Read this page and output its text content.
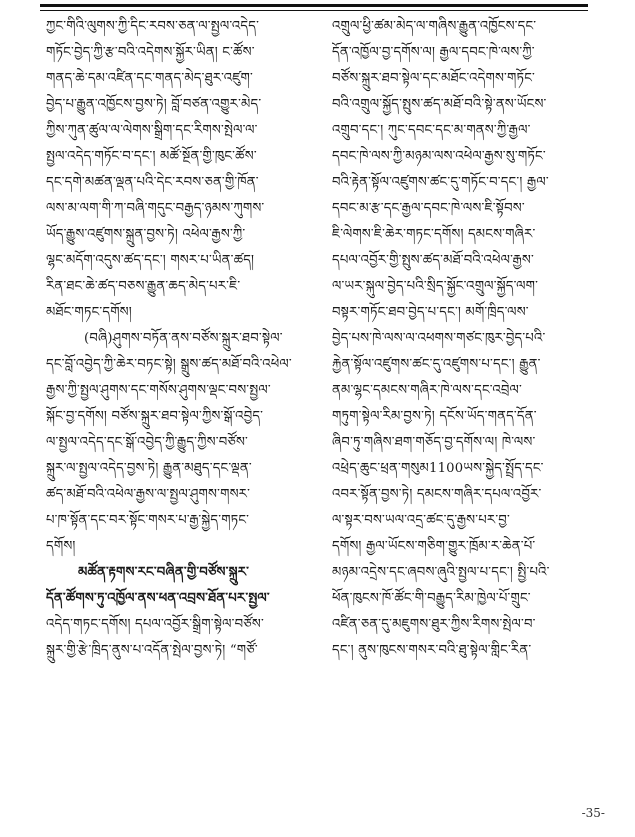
ཀྱང་གིའི་ལུགས་ཀྱི་དིང་རབས་ཅན་ལ་སྤྱལ་འདེད་
གཏོང་བྱེད་ཀྱི་རྩ་བའི་འདེགས་སྐྱོར་ཡིན། ང་ཚོས་
གནད་ཆེ་དམ་འཛིན་དང་གནད་མེད་ཐུར་འཛུག་
བྱེད་པ་རྒྱུན་འཁྱོངས་བྱས་ཏེ། བློ་བཙན་འགྱུར་མེད་
ཀྱིས་ཀུན་ཚུལ་ལ་ལེགས་སྒྲིག་དང་རིགས་སྤེལ་ལ་
སྤྱལ་འདེད་གཏོང་བ་དང་། མཚོ་སྔོན་གྱི་ཁུང་ཚོས་
དང་དགེ་མཚན་ལྡན་པའི་དེང་རབས་ཅན་གྱི་ཁོན་
ལས་མ་ལག་གི་ཀ་བཞི་གདུང་བརྒྱད་ཉམས་ཀུགས་
ཡོད་རྒྱུས་འཛུགས་སྐྲུན་བྱས་ཏེ། འཕེལ་རྒྱས་ཀྱི་
ལྷང་མདོག་འདུས་ཚད་དང་། གསར་པ་ཡིན་ཚད།
རིན་ཐང་ཆེ་ཚད་བཅས་རྒྱུན་ཆད་མེད་པར་ཇི་
མཐོང་གཏང་དགོས།
(བཞི)ཤུགས་བཏོན་ནས་བཙོས་སྐྲུར་ཐབ་སྟེལ་
དང་བློ་འབྱེད་ཀྱི་ཆེར་བཏང་སྟེ། སྒྲུས་ཚད་མཐོ་བའི་འཕེལ་
རྒྱས་ཀྱི་སྤྱལ་ཤུགས་དང་གསོས་ཤུགས་ལྡང་བས་སྤྱལ་
སྐོང་བྱ་དགོས། བཙོས་སྐྲུར་ཐབ་སྟེལ་ཀྱིས་སྒོ་འབྱེད་
ལ་སྤྱལ་འདེད་དང་སྒོ་འབྱེད་ཀྱི་རྒྱུད་ཀྱིས་བཙོས་
སྐྲུར་ལ་སྤྱལ་འདེད་བྱས་ཏེ། རྒྱུན་མཐུད་དང་ལྡན་
ཚད་མཐོ་བའི་འཕེལ་རྒྱས་ལ་སྤྱལ་ཤུགས་གསར་
པ་ཁ་སྟོན་དང་བར་སྟོང་གསར་པ་རྒྱ་སྐྱེད་གཏང་
དགོས།
མཚོན་རྟགས་རང་བཞིན་གྱི་བཙོས་སྐྲུར་
དོན་ཚོགས་ཏུ་འཁྱོལ་ནས་ཕན་འབྲས་ཐོན་པར་སྤྱལ་
འདེད་གཏང་དགོས། དཔལ་འབྱོར་སྒྲིག་སྟེལ་བཙོས་
སྐྲུར་གྱི་རྩེ་ཁྲིད་ནུས་པ་འདོན་སྤེལ་བྱས་ཏེ། “གཙོ་
འགྲུལ་ཕྱི་ཚམ་མེད་ལ་གཞིས་རྒྱུན་འཁྱོངས་དང་
དོན་འཁྱོལ་བྱ་དགོས་ལ། རྒྱལ་དབང་ཁེ་ལས་ཀྱི་
བཙོས་སྐྲུར་ཐབ་སྟེལ་དང་མཐོང་འདེགས་གཏོང་
བའི་འགྲུལ་སྐྱོད་སྤུས་ཚད་མཐོ་བའི་སྟེ་ནས་ཡོངས་
འགྲུབ་དང་། ཀུང་དབང་དང་མ་གནས་ཀྱི་རྒྱལ་
དབང་ཁེ་ལས་ཀྱི་མཉམ་ལས་འཕེལ་རྒྱས་སུ་གཏོང་
བའི་རྟེན་སྟོལ་འཛུགས་ཚང་དུ་གཏོང་བ་དང་། རྒྱལ་
དབང་མ་རྩ་དང་རྒྱལ་དབང་ཁེ་ལས་ཇི་སྟོབས་
ཇི་ལེགས་ཇི་ཆེར་གཏང་དགོས། དམངས་གཞིར་
དཔལ་འབྱོར་གྱི་སྤུས་ཚད་མཐོ་བའི་འཕེལ་རྒྱས་
ལ་ཡར་སྐུལ་བྱེད་པའི་སྲིད་སྐྱོང་འགྲུལ་སྐྱོད་ལག་
བསྟར་གཏོང་ཐབ་བྱེད་པ་དང་། མགོ་ཁྲིད་ལས་
བྱེད་པས་ཁེ་ལས་ལ་འཕགས་གཙང་ཁུར་བྱེད་པའི་
རྐྱེན་སྟོལ་འཛུགས་ཚང་དུ་འཛུགས་པ་དང་། རྒྱུན་
ནམ་ལྷང་དམངས་གཞིར་ཁེ་ལས་དང་འབྲེལ་
གཏུག་སྟེལ་རིམ་བྱས་ཏེ། དངོས་ཡོད་གནད་དོན་
ཞིབ་ཏུ་གཞིས་ཐག་གཅོད་བྱ་དགོས་ལ། ཁེ་ལས་
འཕྲེད་ཆུང་ཕྲན་གསུམ1100ཡས་སྐྱེད་སྤྲོད་དང་
འབར་སྟོན་བྱས་ཏེ། དམངས་གཞིར་དཔལ་འབྱོར་
ལ་སྟར་བས་ཡལ་འདྲ་ཚང་དུ་རྒྱས་པར་བྱ་
དགོས། རྒྱལ་ཡོངས་གཅིག་གྱུར་ཁྲོམ་ར་ཆེན་པོ་
མཉམ་འདྲེས་དང་ཞབས་ཞུའི་སྤྱལ་པ་དང་། སྤྱི་པའི་
ཕོན་ཁུངས་ཁོ་ཚོང་གི་བརྒྱུད་རིམ་ཁྱེལ་པོ་གྲུང་
འཛིན་ཅན་དུ་མཇུགས་ཐུར་ཀྱིས་རིགས་སྤེལ་བ་
དང་། ནུས་ཁུངས་གསར་བའི་ཐུ་སྟེལ་གླིང་རིན་
-35-
